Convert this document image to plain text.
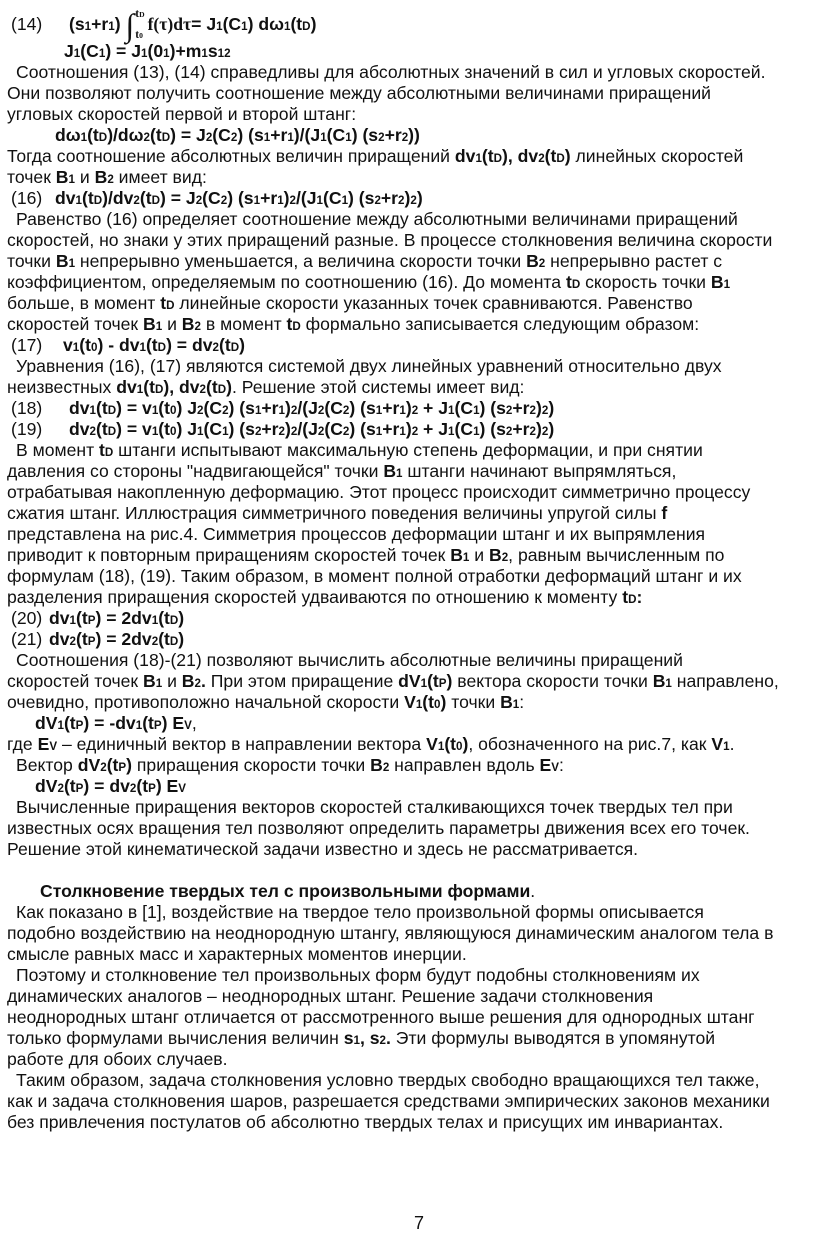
(14) $(s_1+r_1)$ ∫ $t_D$
$t_0$
$f(\tau)d\tau= J_1(C_1)$ $d\omega_1(t_D)$
$J_1(C_1) = J_1(0_1)+m_1s_1^2$
Соотношения (13), (14) справедливы для абсолютных значений в сил и угловых скоростей.
Они позволяют получить соотношение между абсолютными величинами приращений
угловых скоростей первой и второй штанг:
$d\omega_1(t_D)/d\omega_2(t_D) = J_2(C_2)$ $(s_1+r_1)/(J_1(C_1)$ $(s_2+r_2)$)
Тогда соотношение абсолютных величин приращений $dv_1(t_D)$, $dv_2(t_D)$ линейных скоростей
точек $B_1$ и $B_2$ имеет вид:
(16) $dv_1(t_D)/dv_2(t_D) = J_2(C_2)$ $(s_1+r_1)^2/(J_1(C_1)$ $(s_2+r_2)^2$)
Равенство (16) определяет соотношение между абсолютными величинами приращений
скоростей, но знаки у этих приращений разные. В процессе столкновения величина скорости
точки $B_1$ непрерывно уменьшается, а величина скорости точки $B_2$ непрерывно растет с
коэффициентом, определяемым по соотношению (16). До момента $t_D$ скорость точки $B_1$
больше, в момент $t_D$ линейные скорости указанных точек сравниваются. Равенство
скоростей точек $B_1$ и $B_2$ в момент $t_D$ формально записывается следующим образом:
(17) $v_1(t_0) - dv_1(t_D) = dv_2(t_D)$
Уравнения (16), (17) являются системой двух линейных уравнений относительно двух
неизвестных $dv_1(t_D)$, $dv_2(t_D)$. Решение этой системы имеет вид:
(18) $dv_1(t_D) = v_1(t_0)$ $J_2(C_2)$ $(s_1+r_1)^2/(J_2(C_2) (s_1+r_1)^2 + J_1(C_1)$ $(s_2+r_2)^2$)
(19) $dv_2(t_D) = v_1(t_0)$ $J_1(C_1)$ $(s_2+r_2)^2/(J_2(C_2) (s_1+r_1)^2 + J_1(C_1)$ $(s_2+r_2)^2$)
В момент $t_D$ штанги испытывают максимальную степень деформации, и при снятии
давления со стороны "надвигающейся" точки $B_1$ штанги начинают выпрямляться,
отрабатывая накопленную деформацию. Этот процесс происходит симметрично процессу
сжатия штанг. Иллюстрация симметричного поведения величины упругой силы f
представлена на рис.4. Симметрия процессов деформации штанг и их выпрямления
приводит к повторным приращениям скоростей точек $B_1$ и $B_2$, равным вычисленным по
формулам (18), (19). Таким образом, в момент полной отработки деформаций штанг и их
разделения приращения скоростей удваиваются по отношению к моменту $t_D$:
(20) $dv_1(t_P) = 2dv_1(t_D)$
(21) $dv_2(t_P) = 2dv_2(t_D)$
Соотношения (18)-(21) позволяют вычислить абсолютные величины приращений
скоростей точек $B_1$ и $B_2$. При этом приращение $dV_1(t_P)$ вектора скорости точки $B_1$ направлено,
очевидно, противоположно начальной скорости $V_1(t_0)$ точки $B_1$:
$dV_1(t_P) = -dv_1(t_P)$ $E_V$,
где $E_V$ – единичный вектор в направлении вектора $V_1(t_0)$, обозначенного на рис.7, как $V_1$.
Вектор $dV_2(t_P)$ приращения скорости точки $B_2$ направлен вдоль $E_V$:
$dV_2(t_P) = dv_2(t_P)$ $E_V$
Вычисленные приращения векторов скоростей сталкивающихся точек твердых тел при
известных осях вращения тел позволяют определить параметры движения всех его точек.
Решение этой кинематической задачи известно и здесь не рассматривается.
Столкновение твердых тел с произвольными формами.
Как показано в [1], воздействие на твердое тело произвольной формы описывается
подобно воздействию на неоднородную штангу, являющуюся динамическим аналогом тела в
смысле равных масс и характерных моментов инерции.
Поэтому и столкновение тел произвольных форм будут подобны столкновениям их
динамических аналогов – неоднородных штанг. Решение задачи столкновения
неоднородных штанг отличается от рассмотренного выше решения для однородных штанг
только формулами вычисления величин $s_1$, $s_2$. Эти формулы выводятся в упомянутой
работе для обоих случаев.
Таким образом, задача столкновения условно твердых свободно вращающихся тел также,
как и задача столкновения шаров, разрешается средствами эмпирических законов механики
без привлечения постулатов об абсолютно твердых телах и присущих им инвариантах.
7
